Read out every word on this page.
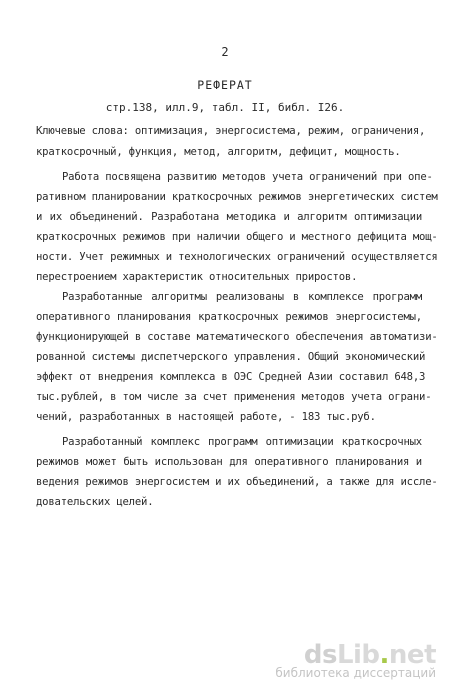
2
РЕФЕРАТ
стр.138, илл.9, табл. II, библ. I26.
Ключевые слова: оптимизация, энергосистема, режим, ограничения,
краткосрочный, функция, метод, алгоритм, дефицит, мощность.
Работа посвящена развитию методов учета ограничений при опе-
ративном планировании краткосрочных режимов энергетических систем
и их объединений. Разработана методика и алгоритм оптимизации
краткосрочных режимов при наличии общего и местного дефицита мощ-
ности. Учет режимных и технологических ограничений осуществляется
перестроением характеристик относительных приростов.
Разработанные алгоритмы реализованы в комплексе программ
оперативного планирования краткосрочных режимов энергосистемы,
функционирующей в составе математического обеспечения автоматизи-
рованной системы диспетчерского управления. Общий экономический
эффект от внедрения комплекса в ОЭС Средней Азии составил 648,3
тыс.рублей, в том числе за счет применения методов учета ограни-
чений, разработанных в настоящей работе, - 183 тыс.руб.
Разработанный комплекс программ оптимизации краткосрочных
режимов может быть использован для оперативного планирования и
ведения режимов энергосистем и их объединений, а также для иссле-
довательских целей.
dsLib.net
библиотека диссертаций
